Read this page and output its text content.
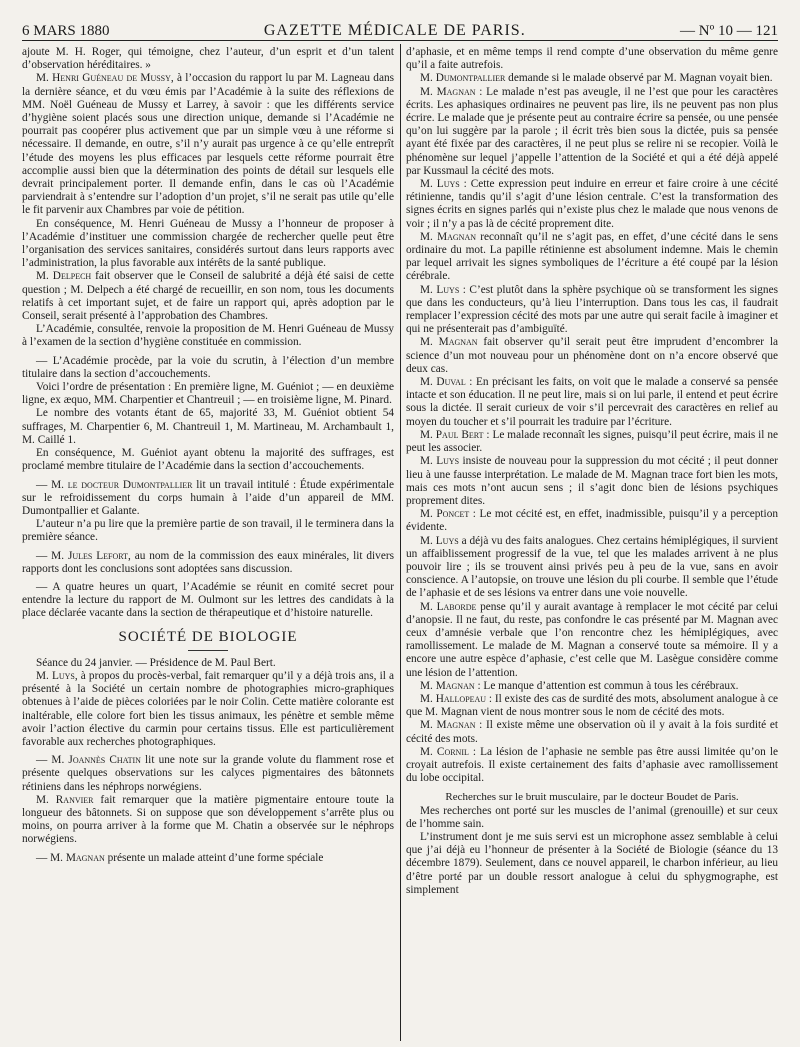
6 MARS 1880	GAZETTE MÉDICALE DE PARIS.	— Nº 10 — 121

ajoute M. H. Roger, qui témoigne, chez l’auteur, d’un esprit et d’un talent d’observation héréditaires. »

M. Henri Guéneau de Mussy, à l’occasion du rapport lu par M. Lagneau dans la dernière séance, et du vœu émis par l’Académie à la suite des réflexions de MM. Noël Guéneau de Mussy et Larrey, à savoir : que les différents service d’hygiène soient placés sous une direction unique, demande si l’Académie ne pourrait pas coopérer plus activement que par un simple vœu à une réforme si nécessaire. Il demande, en outre, s’il n’y aurait pas urgence à ce qu’elle entreprît l’étude des moyens les plus efficaces par lesquels cette réforme pourrait être accomplie aussi bien que la détermination des points de détail sur lesquels elle devrait principalement porter. Il demande enfin, dans le cas où l’Académie parviendrait à s’entendre sur l’adoption d’un projet, s’il ne serait pas utile qu’elle le fit parvenir aux Chambres par voie de pétition.

En conséquence, M. Henri Guéneau de Mussy a l’honneur de proposer à l’Académie d’instituer une commission chargée de rechercher quelle peut être l’organisation des services sanitaires, considérés surtout dans leurs rapports avec l’administration, la plus favorable aux intérêts de la santé publique.

M. Delpech fait observer que le Conseil de salubrité a déjà été saisi de cette question ; M. Delpech a été chargé de recueillir, en son nom, tous les documents relatifs à cet important sujet, et de faire un rapport qui, après adoption par le Conseil, serait présenté à l’approbation des Chambres.

L’Académie, consultée, renvoie la proposition de M. Henri Guéneau de Mussy à l’examen de la section d’hygiène constituée en commission.

— L’Académie procède, par la voie du scrutin, à l’élection d’un membre titulaire dans la section d’accouchements.

Voici l’ordre de présentation : En première ligne, M. Guéniot ; — en deuxième ligne, ex æquo, MM. Charpentier et Chantreuil ; — en troisième ligne, M. Pinard.

Le nombre des votants étant de 65, majorité 33, M. Guéniot obtient 54 suffrages, M. Charpentier 6, M. Chantreuil 1, M. Martineau, M. Archambault 1, M. Caillé 1.

En conséquence, M. Guéniot ayant obtenu la majorité des suffrages, est proclamé membre titulaire de l’Académie dans la section d’accouchements.

— M. le docteur Dumontpallier lit un travail intitulé : Étude expérimentale sur le refroidissement du corps humain à l’aide d’un appareil de MM. Dumontpallier et Galante.

L’auteur n’a pu lire que la première partie de son travail, il le terminera dans la première séance.

— M. Jules Lefort, au nom de la commission des eaux minérales, lit divers rapports dont les conclusions sont adoptées sans discussion.

— A quatre heures un quart, l’Académie se réunit en comité secret pour entendre la lecture du rapport de M. Oulmont sur les lettres des candidats à la place déclarée vacante dans la section de thérapeutique et d’histoire naturelle.

SOCIÉTÉ DE BIOLOGIE

Séance du 24 janvier. — Présidence de M. Paul Bert.

M. Luys, à propos du procès-verbal, fait remarquer qu’il y a déjà trois ans, il a présenté à la Société un certain nombre de photographies micro-graphiques obtenues à l’aide de pièces coloriées par le noir Colin. Cette matière colorante est inaltérable, elle colore fort bien les tissus animaux, les pénètre et semble même avoir l’action élective du carmin pour certains tissus. Elle est particulièrement favorable aux recherches photographiques.

— M. Joannès Chatin lit une note sur la grande volute du flamment rose et présente quelques observations sur les calyces pigmentaires des bâtonnets rétiniens dans les néphrops norwégiens.

M. Ranvier fait remarquer que la matière pigmentaire entoure toute la longueur des bâtonnets. Si on suppose que son développement s’arrête plus ou moins, on pourra arriver à la forme que M. Chatin a observée sur le néphrops norwégiens.

— M. Magnan présente un malade atteint d’une forme spéciale

d’aphasie, et en même temps il rend compte d’une observation du même genre qu’il a faite autrefois.

M. Dumontpallier demande si le malade observé par M. Magnan voyait bien.

M. Magnan : Le malade n’est pas aveugle, il ne l’est que pour les caractères écrits. Les aphasiques ordinaires ne peuvent pas lire, ils ne peuvent pas non plus écrire. Le malade que je présente peut au contraire écrire sa pensée, ou une pensée qu’on lui suggère par la parole ; il écrit très bien sous la dictée, puis sa pensée ayant été fixée par des caractères, il ne peut plus se relire ni se recopier. Voilà le phénomène sur lequel j’appelle l’attention de la Société et qui a été déjà appelé par Kussmaul la cécité des mots.

M. Luys : Cette expression peut induire en erreur et faire croire à une cécité rétinienne, tandis qu’il s’agit d’une lésion centrale. C’est la transformation des signes écrits en signes parlés qui n’existe plus chez le malade que nous venons de voir ; il n’y a pas là de cécité proprement dite.

M. Magnan reconnaît qu’il ne s’agit pas, en effet, d’une cécité dans le sens ordinaire du mot. La papille rétinienne est absolument indemne. Mais le chemin par lequel arrivait les signes symboliques de l’écriture a été coupé par la lésion cérébrale.

M. Luys : C’est plutôt dans la sphère psychique où se transforment les signes que dans les conducteurs, qu’à lieu l’interruption. Dans tous les cas, il faudrait remplacer l’expression cécité des mots par une autre qui serait facile à imaginer et qui ne présenterait pas d’ambiguïté.

M. Magnan fait observer qu’il serait peut être imprudent d’encombrer la science d’un mot nouveau pour un phénomène dont on n’a encore observé que deux cas.

M. Duval : En précisant les faits, on voit que le malade a conservé sa pensée intacte et son éducation. Il ne peut lire, mais si on lui parle, il entend et peut écrire sous la dictée. Il serait curieux de voir s’il percevrait des caractères en relief au moyen du toucher et s’il pourrait les traduire par l’écriture.

M. Paul Bert : Le malade reconnaît les signes, puisqu’il peut écrire, mais il ne peut les associer.

M. Luys insiste de nouveau pour la suppression du mot cécité ; il peut donner lieu à une fausse interprétation. Le malade de M. Magnan trace fort bien les mots, mais ces mots n’ont aucun sens ; il s’agit donc bien de lésions psychiques proprement dites.

M. Poncet : Le mot cécité est, en effet, inadmissible, puisqu’il y a perception évidente.

M. Luys a déjà vu des faits analogues. Chez certains hémiplégiques, il survient un affaiblissement progressif de la vue, tel que les malades arrivent à ne plus pouvoir lire ; ils se trouvent ainsi privés peu à peu de la vue, sans en avoir conscience. A l’autopsie, on trouve une lésion du pli courbe. Il semble que l’étude de l’aphasie et de ses lésions va entrer dans une voie nouvelle.

M. Laborde pense qu’il y aurait avantage à remplacer le mot cécité par celui d’anopsie. Il ne faut, du reste, pas confondre le cas présenté par M. Magnan avec ceux d’amnésie verbale que l’on rencontre chez les hémiplégiques, avec ramollissement. Le malade de M. Magnan a conservé toute sa mémoire. Il y a encore une autre espèce d’aphasie, c’est celle que M. Lasègue considère comme une lésion de l’attention.

M. Magnan : Le manque d’attention est commun à tous les cérébraux.

M. Hallopeau : Il existe des cas de surdité des mots, absolument analogue à ce que M. Magnan vient de nous montrer sous le nom de cécité des mots.

M. Magnan : Il existe même une observation où il y avait à la fois surdité et cécité des mots.

M. Cornil : La lésion de l’aphasie ne semble pas être aussi limitée qu’on le croyait autrefois. Il existe certainement des faits d’aphasie avec ramollissement du lobe occipital.

Recherches sur le bruit musculaire, par le docteur Boudet de Paris.

Mes recherches ont porté sur les muscles de l’animal (grenouille) et sur ceux de l’homme sain.

L’instrument dont je me suis servi est un microphone assez semblable à celui que j’ai déjà eu l’honneur de présenter à la Société de Biologie (séance du 13 décembre 1879). Seulement, dans ce nouvel appareil, le charbon inférieur, au lieu d’être porté par un double ressort analogue à celui du sphygmographe, est simplement
